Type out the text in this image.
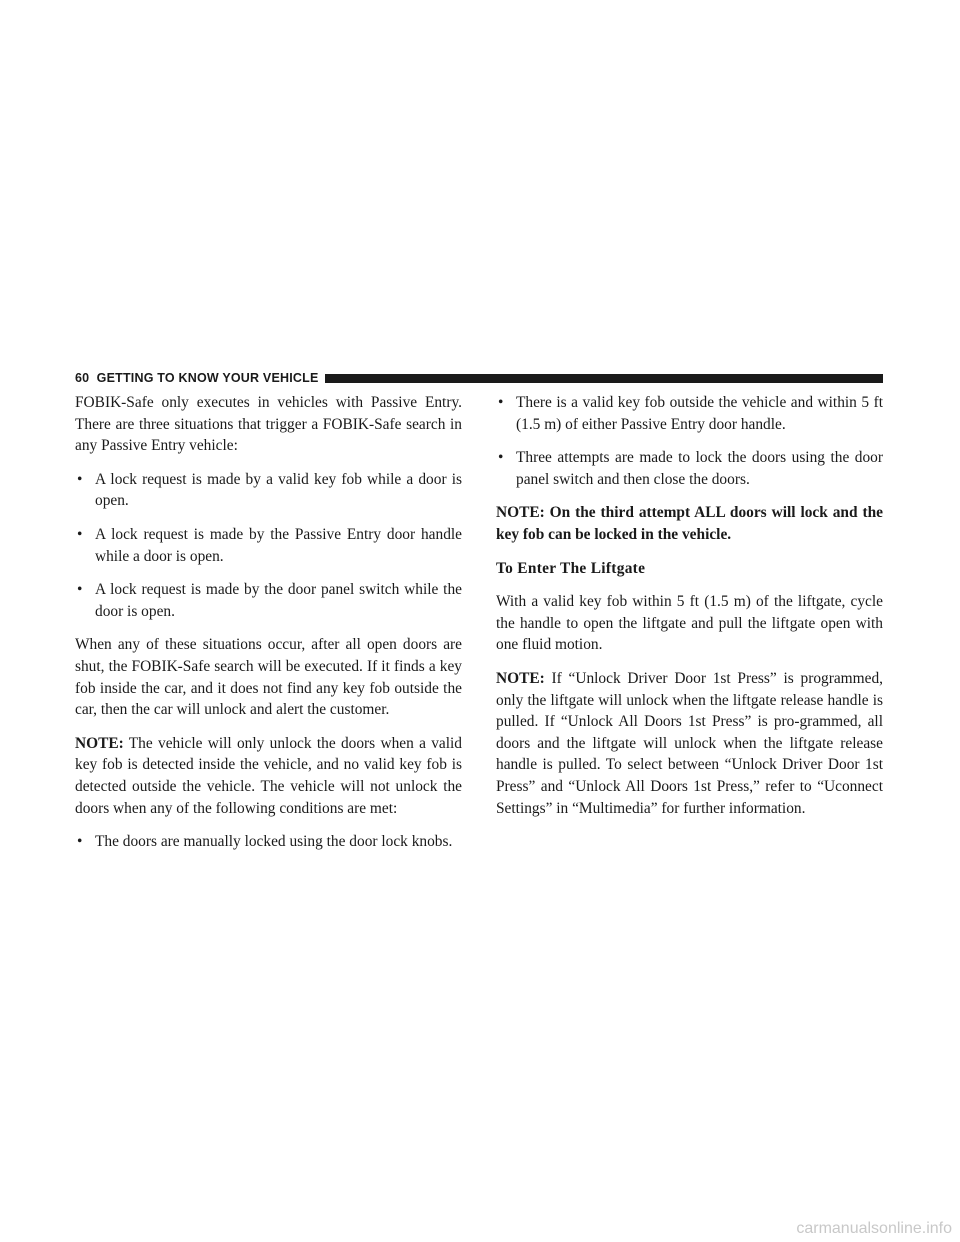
60 GETTING TO KNOW YOUR VEHICLE

FOBIK-Safe only executes in vehicles with Passive Entry. There are three situations that trigger a FOBIK-Safe search in any Passive Entry vehicle:

• A lock request is made by a valid key fob while a door is open.
• A lock request is made by the Passive Entry door handle while a door is open.
• A lock request is made by the door panel switch while the door is open.

When any of these situations occur, after all open doors are shut, the FOBIK-Safe search will be executed. If it finds a key fob inside the car, and it does not find any key fob outside the car, then the car will unlock and alert the customer.

NOTE: The vehicle will only unlock the doors when a valid key fob is detected inside the vehicle, and no valid key fob is detected outside the vehicle. The vehicle will not unlock the doors when any of the following conditions are met:

• The doors are manually locked using the door lock knobs.
• There is a valid key fob outside the vehicle and within 5 ft (1.5 m) of either Passive Entry door handle.
• Three attempts are made to lock the doors using the door panel switch and then close the doors.

NOTE: On the third attempt ALL doors will lock and the key fob can be locked in the vehicle.

To Enter The Liftgate

With a valid key fob within 5 ft (1.5 m) of the liftgate, cycle the handle to open the liftgate and pull the liftgate open with one fluid motion.

NOTE: If “Unlock Driver Door 1st Press” is programmed, only the liftgate will unlock when the liftgate release handle is pulled. If “Unlock All Doors 1st Press” is pro-grammed, all doors and the liftgate will unlock when the liftgate release handle is pulled. To select between “Unlock Driver Door 1st Press” and “Unlock All Doors 1st Press,” refer to “Uconnect Settings” in “Multimedia” for further information.

carmanualsonline.info
